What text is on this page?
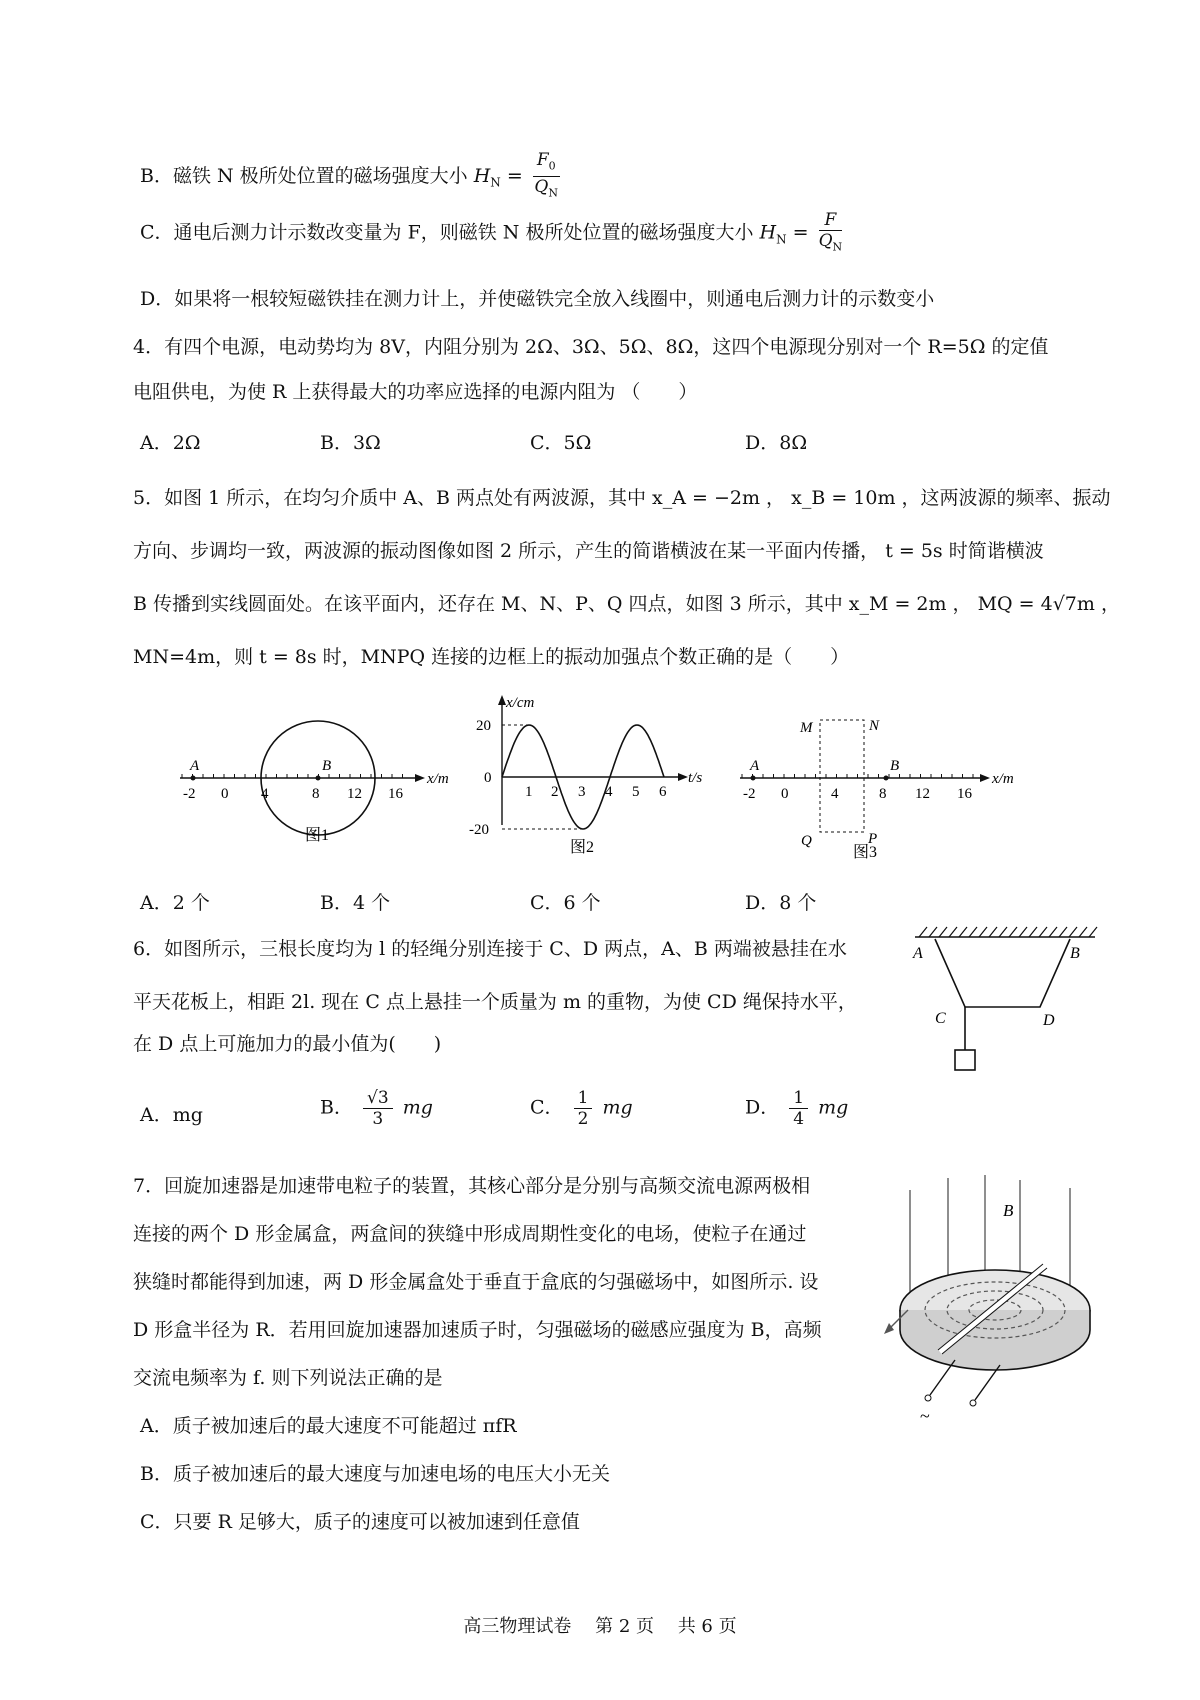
B．磁铁 N 极所处位置的磁场强度大小 $H_N = \frac{F_0}{Q_N}$
C．通电后测力计示数改变量为 F，则磁铁 N 极所处位置的磁场强度大小 $H_N = \frac{F}{Q_N}$
D．如果将一根较短磁铁挂在测力计上，并使磁铁完全放入线圈中，则通电后测力计的示数变小
4．有四个电源，电动势均为 8V，内阻分别为 2Ω、3Ω、5Ω、8Ω，这四个电源现分别对一个 R=5Ω 的定值
电阻供电，为使 R 上获得最大的功率应选择的电源内阻为 （　　）
A．2Ω	B．3Ω	C．5Ω	D．8Ω
5．如图 1 所示，在均匀介质中 A、B 两点处有两波源，其中 x_A = −2m ， x_B = 10m ，这两波源的频率、振动
方向、步调均一致，两波源的振动图像如图 2 所示，产生的简谐横波在某一平面内传播， t = 5s 时简谐横波
B 传播到实线圆面处。在该平面内，还存在 M、N、P、Q 四点，如图 3 所示，其中 x_M = 2m ， MQ = 4√7m ，
MN=4m，则 t = 8s 时，MNPQ 连接的边框上的振动加强点个数正确的是（　　）
A	B
x/m
-2 0 4	8 12 16
图1
x/cm
t/s
20
0
-20
1 2 3 4 5 6
图2
A	B
M	N
P
Q
x/m
-2 0	4	8 12 16
图3
A．2 个	B．4 个	C．6 个	D．8 个
6．如图所示，三根长度均为 l 的轻绳分别连接于 C、D 两点，A、B 两端被悬挂在水
平天花板上，相距 2l. 现在 C 点上悬挂一个质量为 m 的重物，为使 CD 绳保持水平，
在 D 点上可施加力的最小值为(　　)
A	B
C	D
A．mg	B． $\frac{√3}{3}$ mg	C． $\frac{1}{2}$ mg	D． $\frac{1}{4}$ mg
7．回旋加速器是加速带电粒子的装置，其核心部分是分别与高频交流电源两极相
连接的两个 D 形金属盒，两盒间的狭缝中形成周期性变化的电场，使粒子在通过
狭缝时都能得到加速，两 D 形金属盒处于垂直于盒底的匀强磁场中，如图所示. 设
D 形盒半径为 R．若用回旋加速器加速质子时，匀强磁场的磁感应强度为 B，高频
交流电频率为 f. 则下列说法正确的是
B
~
A．质子被加速后的最大速度不可能超过 πfR
B．质子被加速后的最大速度与加速电场的电压大小无关
C．只要 R 足够大，质子的速度可以被加速到任意值
高三物理试卷　 第 2 页　 共 6 页
